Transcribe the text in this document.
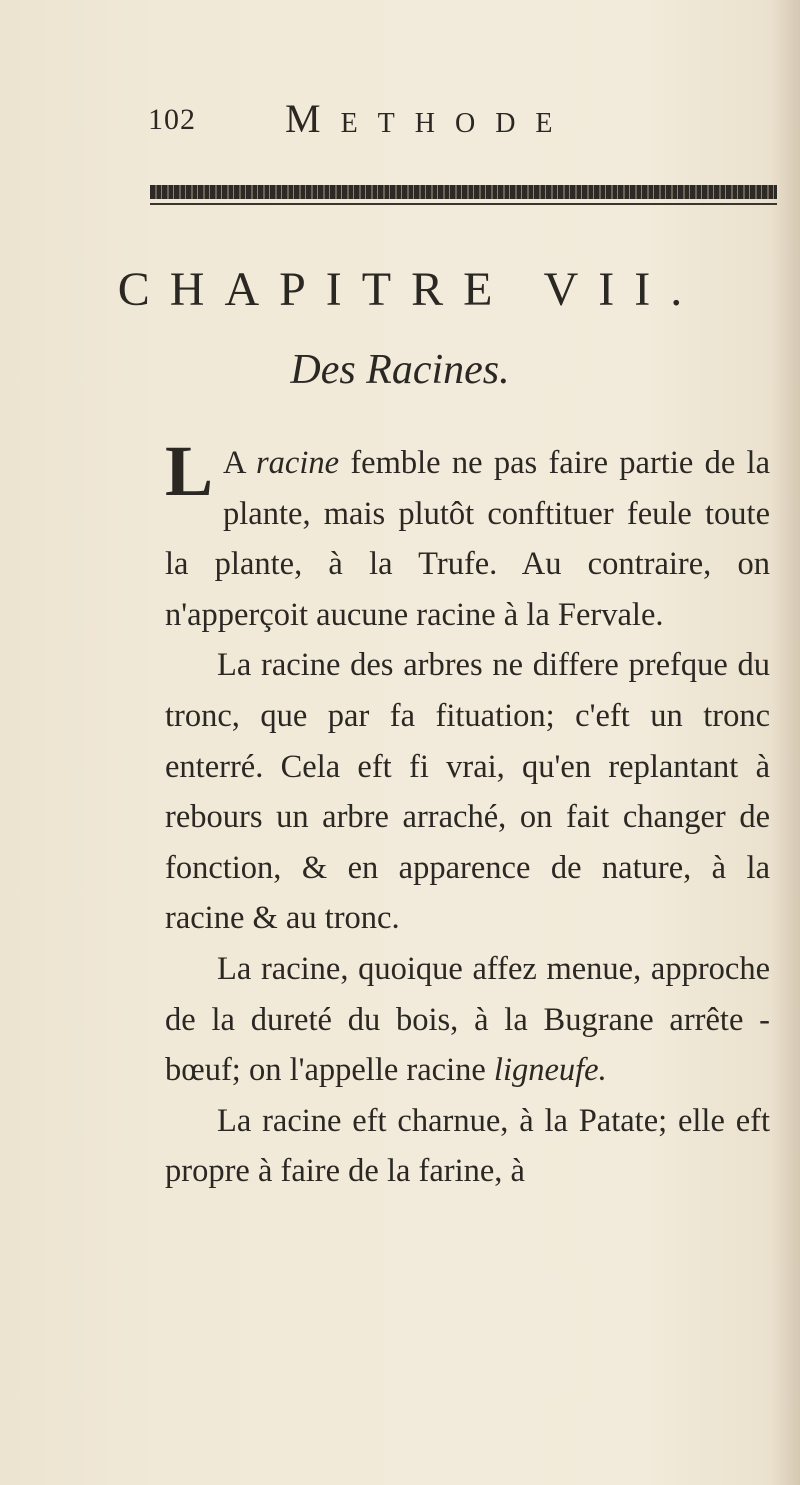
102 Methode
CHAPITRE VII.
Des Racines.

L A racine femble ne pas faire partie de la plante, mais plutôt conftituer feule toute la plante, à la Trufe. Au contraire, on n'apperçoit aucune racine à la Fervale.

La racine des arbres ne differe prefque du tronc, que par fa fituation; c'eft un tronc enterré. Cela eft fi vrai, qu'en replantant à rebours un arbre arraché, on fait changer de fonction, & en apparence de nature, à la racine & au tronc.

La racine, quoique affez menue, approche de la dureté du bois, à la Bugrane arrête - bœuf; on l'appelle racine ligneufe.

La racine eft charnue, à la Patate; elle eft propre à faire de la farine, à
